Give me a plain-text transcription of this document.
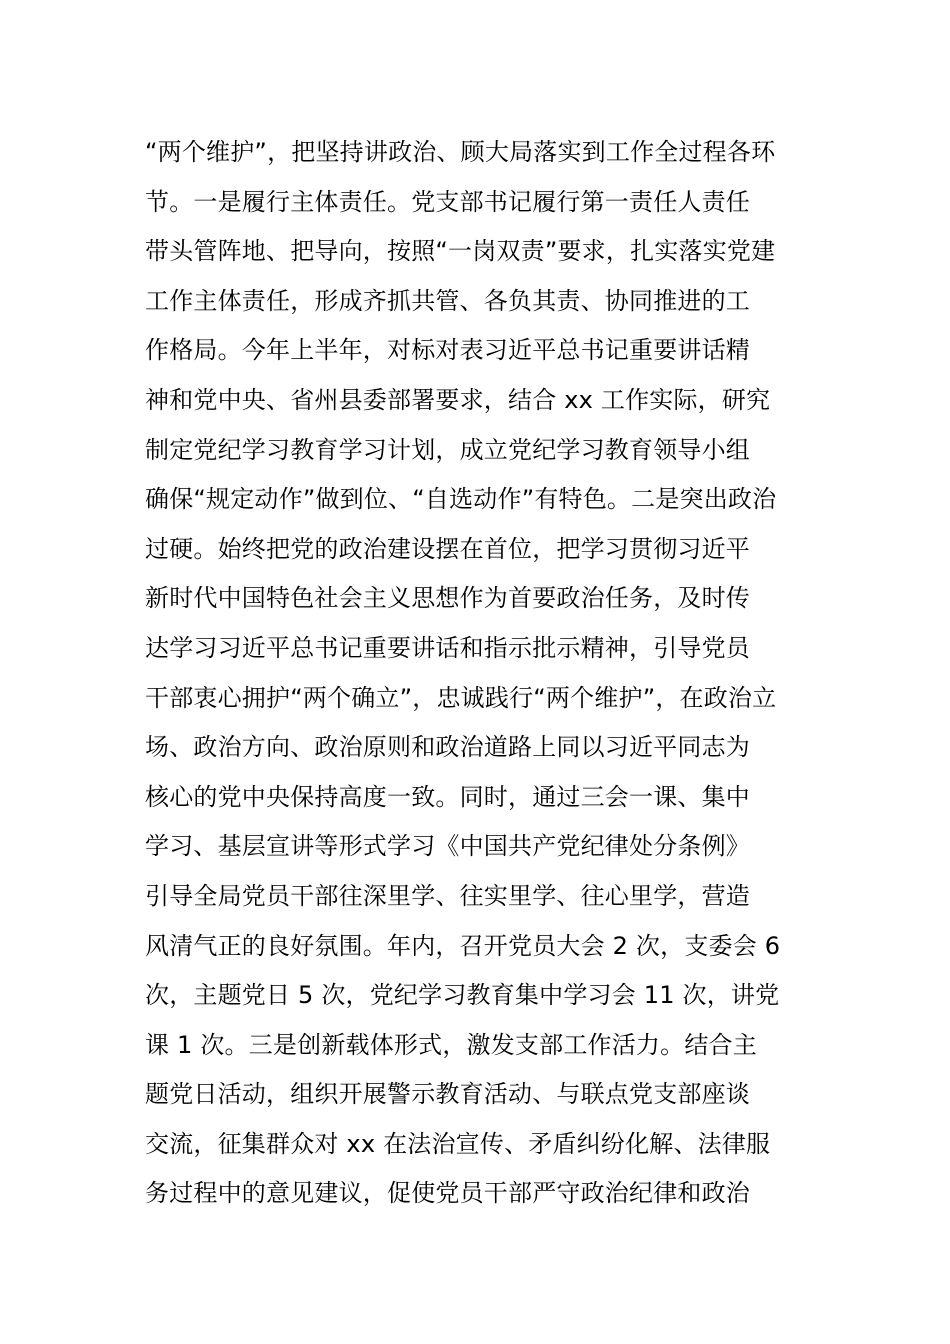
“两个维护”，把坚持讲政治、顾大局落实到工作全过程各环
节。一是履行主体责任。党支部书记履行第一责任人责任
带头管阵地、把导向，按照“一岗双责”要求，扎实落实党建
工作主体责任，形成齐抓共管、各负其责、协同推进的工
作格局。今年上半年，对标对表习近平总书记重要讲话精
神和党中央、省州县委部署要求，结合 xx 工作实际，研究
制定党纪学习教育学习计划，成立党纪学习教育领导小组
确保“规定动作”做到位、“自选动作”有特色。二是突出政治
过硬。始终把党的政治建设摆在首位，把学习贯彻习近平
新时代中国特色社会主义思想作为首要政治任务，及时传
达学习习近平总书记重要讲话和指示批示精神，引导党员
干部衷心拥护“两个确立”，忠诚践行“两个维护”，在政治立
场、政治方向、政治原则和政治道路上同以习近平同志为
核心的党中央保持高度一致。同时，通过三会一课、集中
学习、基层宣讲等形式学习《中国共产党纪律处分条例》
引导全局党员干部往深里学、往实里学、往心里学，营造
风清气正的良好氛围。年内，召开党员大会 2 次，支委会 6
次，主题党日 5 次，党纪学习教育集中学习会 11 次，讲党
课 1 次。三是创新载体形式，激发支部工作活力。结合主
题党日活动，组织开展警示教育活动、与联点党支部座谈
交流，征集群众对 xx 在法治宣传、矛盾纠纷化解、法律服
务过程中的意见建议，促使党员干部严守政治纪律和政治
